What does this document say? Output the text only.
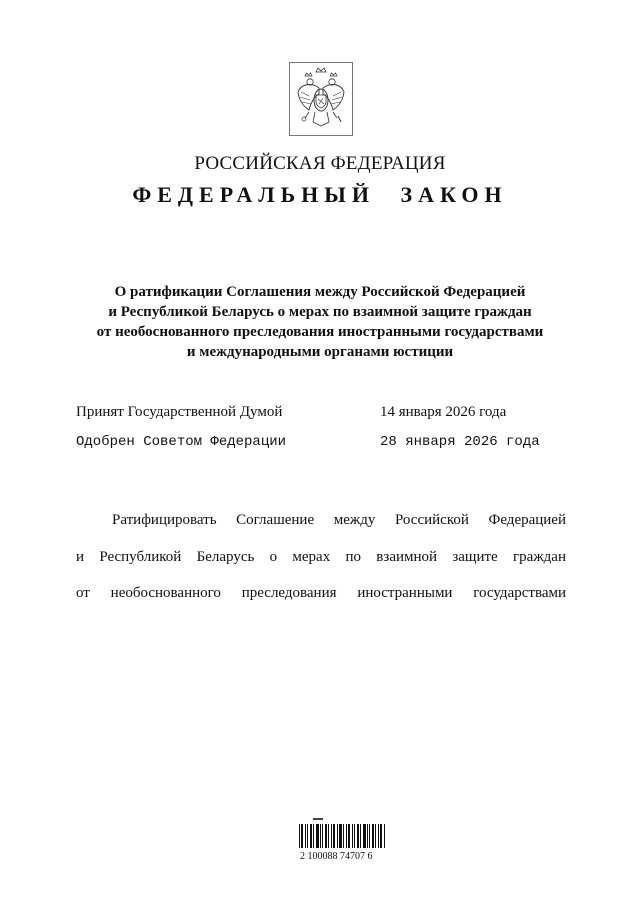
РОССИЙСКАЯ ФЕДЕРАЦИЯ
ФЕДЕРАЛЬНЫЙ ЗАКОН
О ратификации Соглашения между Российской Федерацией
и Республикой Беларусь о мерах по взаимной защите граждан
от необоснованного преследования иностранными государствами
и международными органами юстиции
Принят Государственной Думой	14 января 2026 года
Одобрен Советом Федерации	28 января 2026 года
Ратифицировать Соглашение между Российской Федерацией
и Республикой Беларусь о мерах по взаимной защите граждан
от необоснованного преследования иностранными государствами
2 100088 74707 6
